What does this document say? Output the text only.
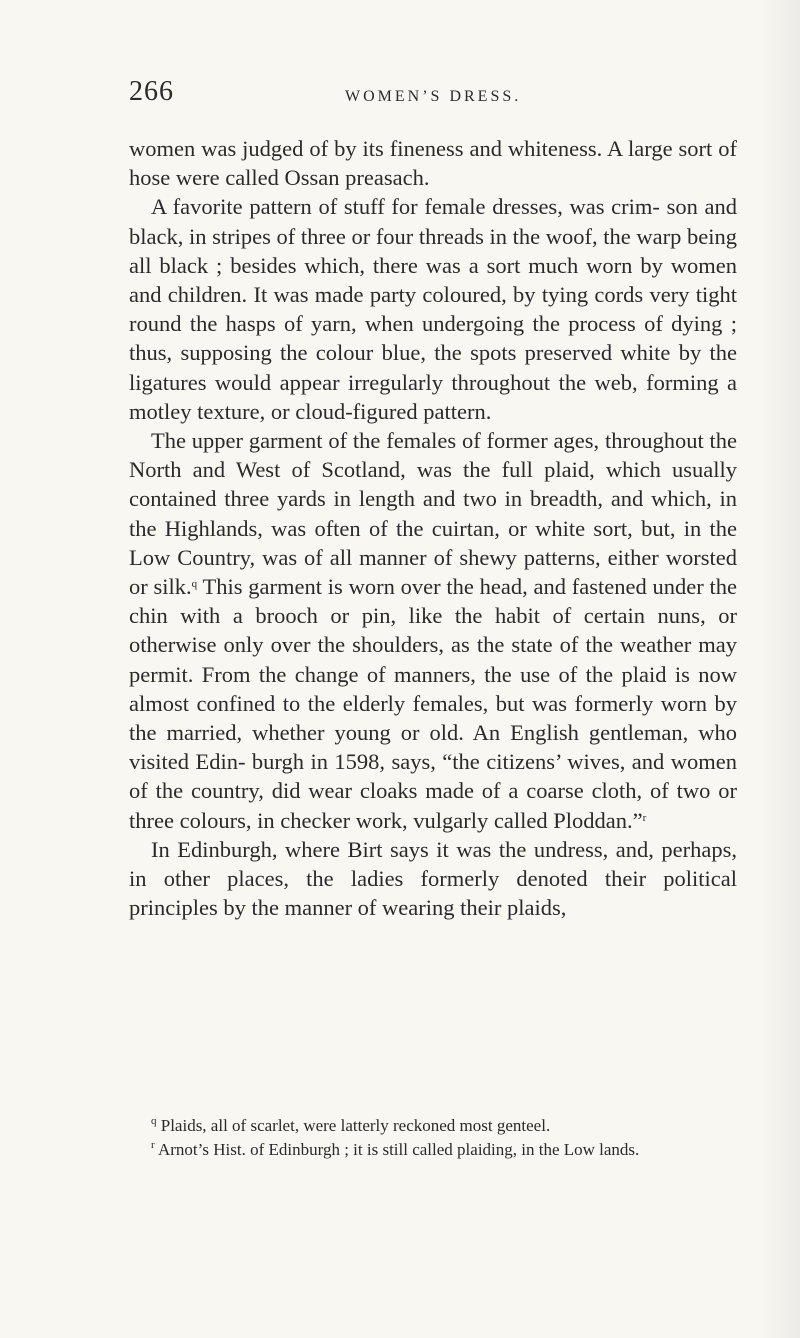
266	WOMEN’S DRESS.

women was judged of by its fineness and whiteness. A large sort of hose were called Ossan preasach.

A favorite pattern of stuff for female dresses, was crim- son and black, in stripes of three or four threads in the woof, the warp being all black ; besides which, there was a sort much worn by women and children. It was made party coloured, by tying cords very tight round the hasps of yarn, when undergoing the process of dying ; thus, supposing the colour blue, the spots preserved white by the ligatures would appear irregularly throughout the web, forming a motley texture, or cloud-figured pattern.

The upper garment of the females of former ages, throughout the North and West of Scotland, was the full plaid, which usually contained three yards in length and two in breadth, and which, in the Highlands, was often of the cuirtan, or white sort, but, in the Low Country, was of all manner of shewy patterns, either worsted or silk.$^q$ This garment is worn over the head, and fastened under the chin with a brooch or pin, like the habit of certain nuns, or otherwise only over the shoulders, as the state of the weather may permit. From the change of manners, the use of the plaid is now almost confined to the elderly females, but was formerly worn by the married, whether young or old. An English gentleman, who visited Edin- burgh in 1598, says, “the citizens’ wives, and women of the country, did wear cloaks made of a coarse cloth, of two or three colours, in checker work, vulgarly called Ploddan.”$^r$

In Edinburgh, where Birt says it was the undress, and, perhaps, in other places, the ladies formerly denoted their political principles by the manner of wearing their plaids,

$^q$ Plaids, all of scarlet, were latterly reckoned most genteel.

$^r$ Arnot’s Hist. of Edinburgh ; it is still called plaiding, in the Low lands.
